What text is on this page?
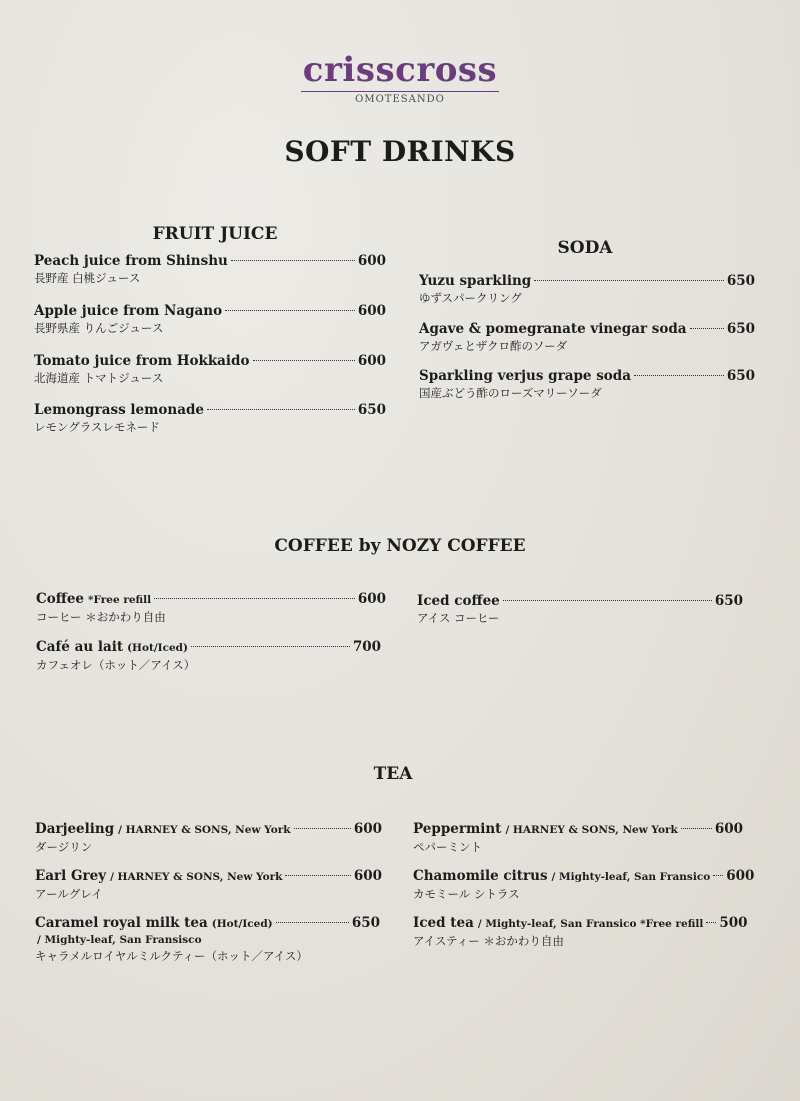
crisscross
OMOTESANDO
SOFT DRINKS
FRUIT JUICE
Peach juice from Shinshu	600
長野産 白桃ジュース
Apple juice from Nagano	600
長野県産 りんごジュース
Tomato juice from Hokkaido	600
北海道産 トマトジュース
Lemongrass lemonade	650
レモングラスレモネード
SODA
Yuzu sparkling	650
ゆずスパークリング
Agave & pomegranate vinegar soda	650
アガヴェとザクロ酢のソーダ
Sparkling verjus grape soda	650
国産ぶどう酢のローズマリーソーダ
COFFEE by NOZY COFFEE
Coffee *Free refill	600
コーヒー ＊おかわり自由
Café au lait (Hot/Iced)	700
カフェオレ（ホット／アイス）
Iced coffee	650
アイス コーヒー
TEA
Darjeeling / HARNEY & SONS, New York	600
ダージリン
Earl Grey / HARNEY & SONS, New York	600
アールグレイ
Caramel royal milk tea (Hot/Iced)	650
/ Mighty-leaf, San Fransisco
キャラメルロイヤルミルクティー（ホット／アイス）
Peppermint / HARNEY & SONS, New York	600
ペパーミント
Chamomile citrus / Mighty-leaf, San Fransico 600
カモミール シトラス
Iced tea / Mighty-leaf, San Fransico *Free refill 500
アイスティー ＊おかわり自由
